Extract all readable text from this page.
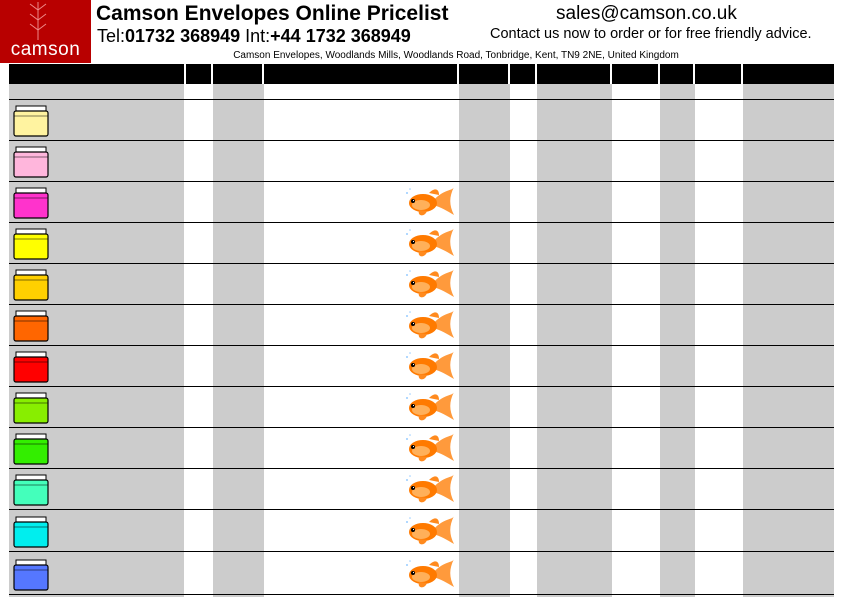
camson
Camson Envelopes Online Pricelist
Tel:01732 368949 Int:+44 1732 368949
sales@camson.co.uk
Contact us now to order or for free friendly advice.
Camson Envelopes, Woodlands Mills, Woodlands Road, Tonbridge, Kent, TN9 2NE, United Kingdom
